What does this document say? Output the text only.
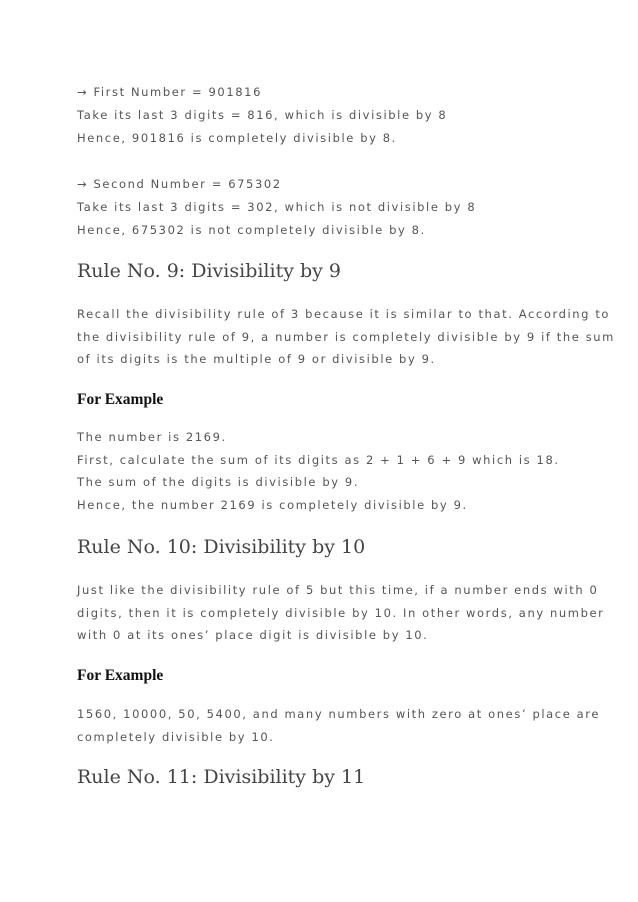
→ First Number = 901816

Take its last 3 digits = 816, which is divisible by 8

Hence, 901816 is completely divisible by 8.

→ Second Number = 675302

Take its last 3 digits = 302, which is not divisible by 8

Hence, 675302 is not completely divisible by 8.

Rule No. 9: Divisibility by 9

Recall the divisibility rule of 3 because it is similar to that. According to

the divisibility rule of 9, a number is completely divisible by 9 if the sum

of its digits is the multiple of 9 or divisible by 9.

For Example

The number is 2169.

First, calculate the sum of its digits as 2 + 1 + 6 + 9 which is 18.

The sum of the digits is divisible by 9.

Hence, the number 2169 is completely divisible by 9.

Rule No. 10: Divisibility by 10

Just like the divisibility rule of 5 but this time, if a number ends with 0

digits, then it is completely divisible by 10. In other words, any number

with 0 at its ones’ place digit is divisible by 10.

For Example

1560, 10000, 50, 5400, and many numbers with zero at ones’ place are

completely divisible by 10.

Rule No. 11: Divisibility by 11
